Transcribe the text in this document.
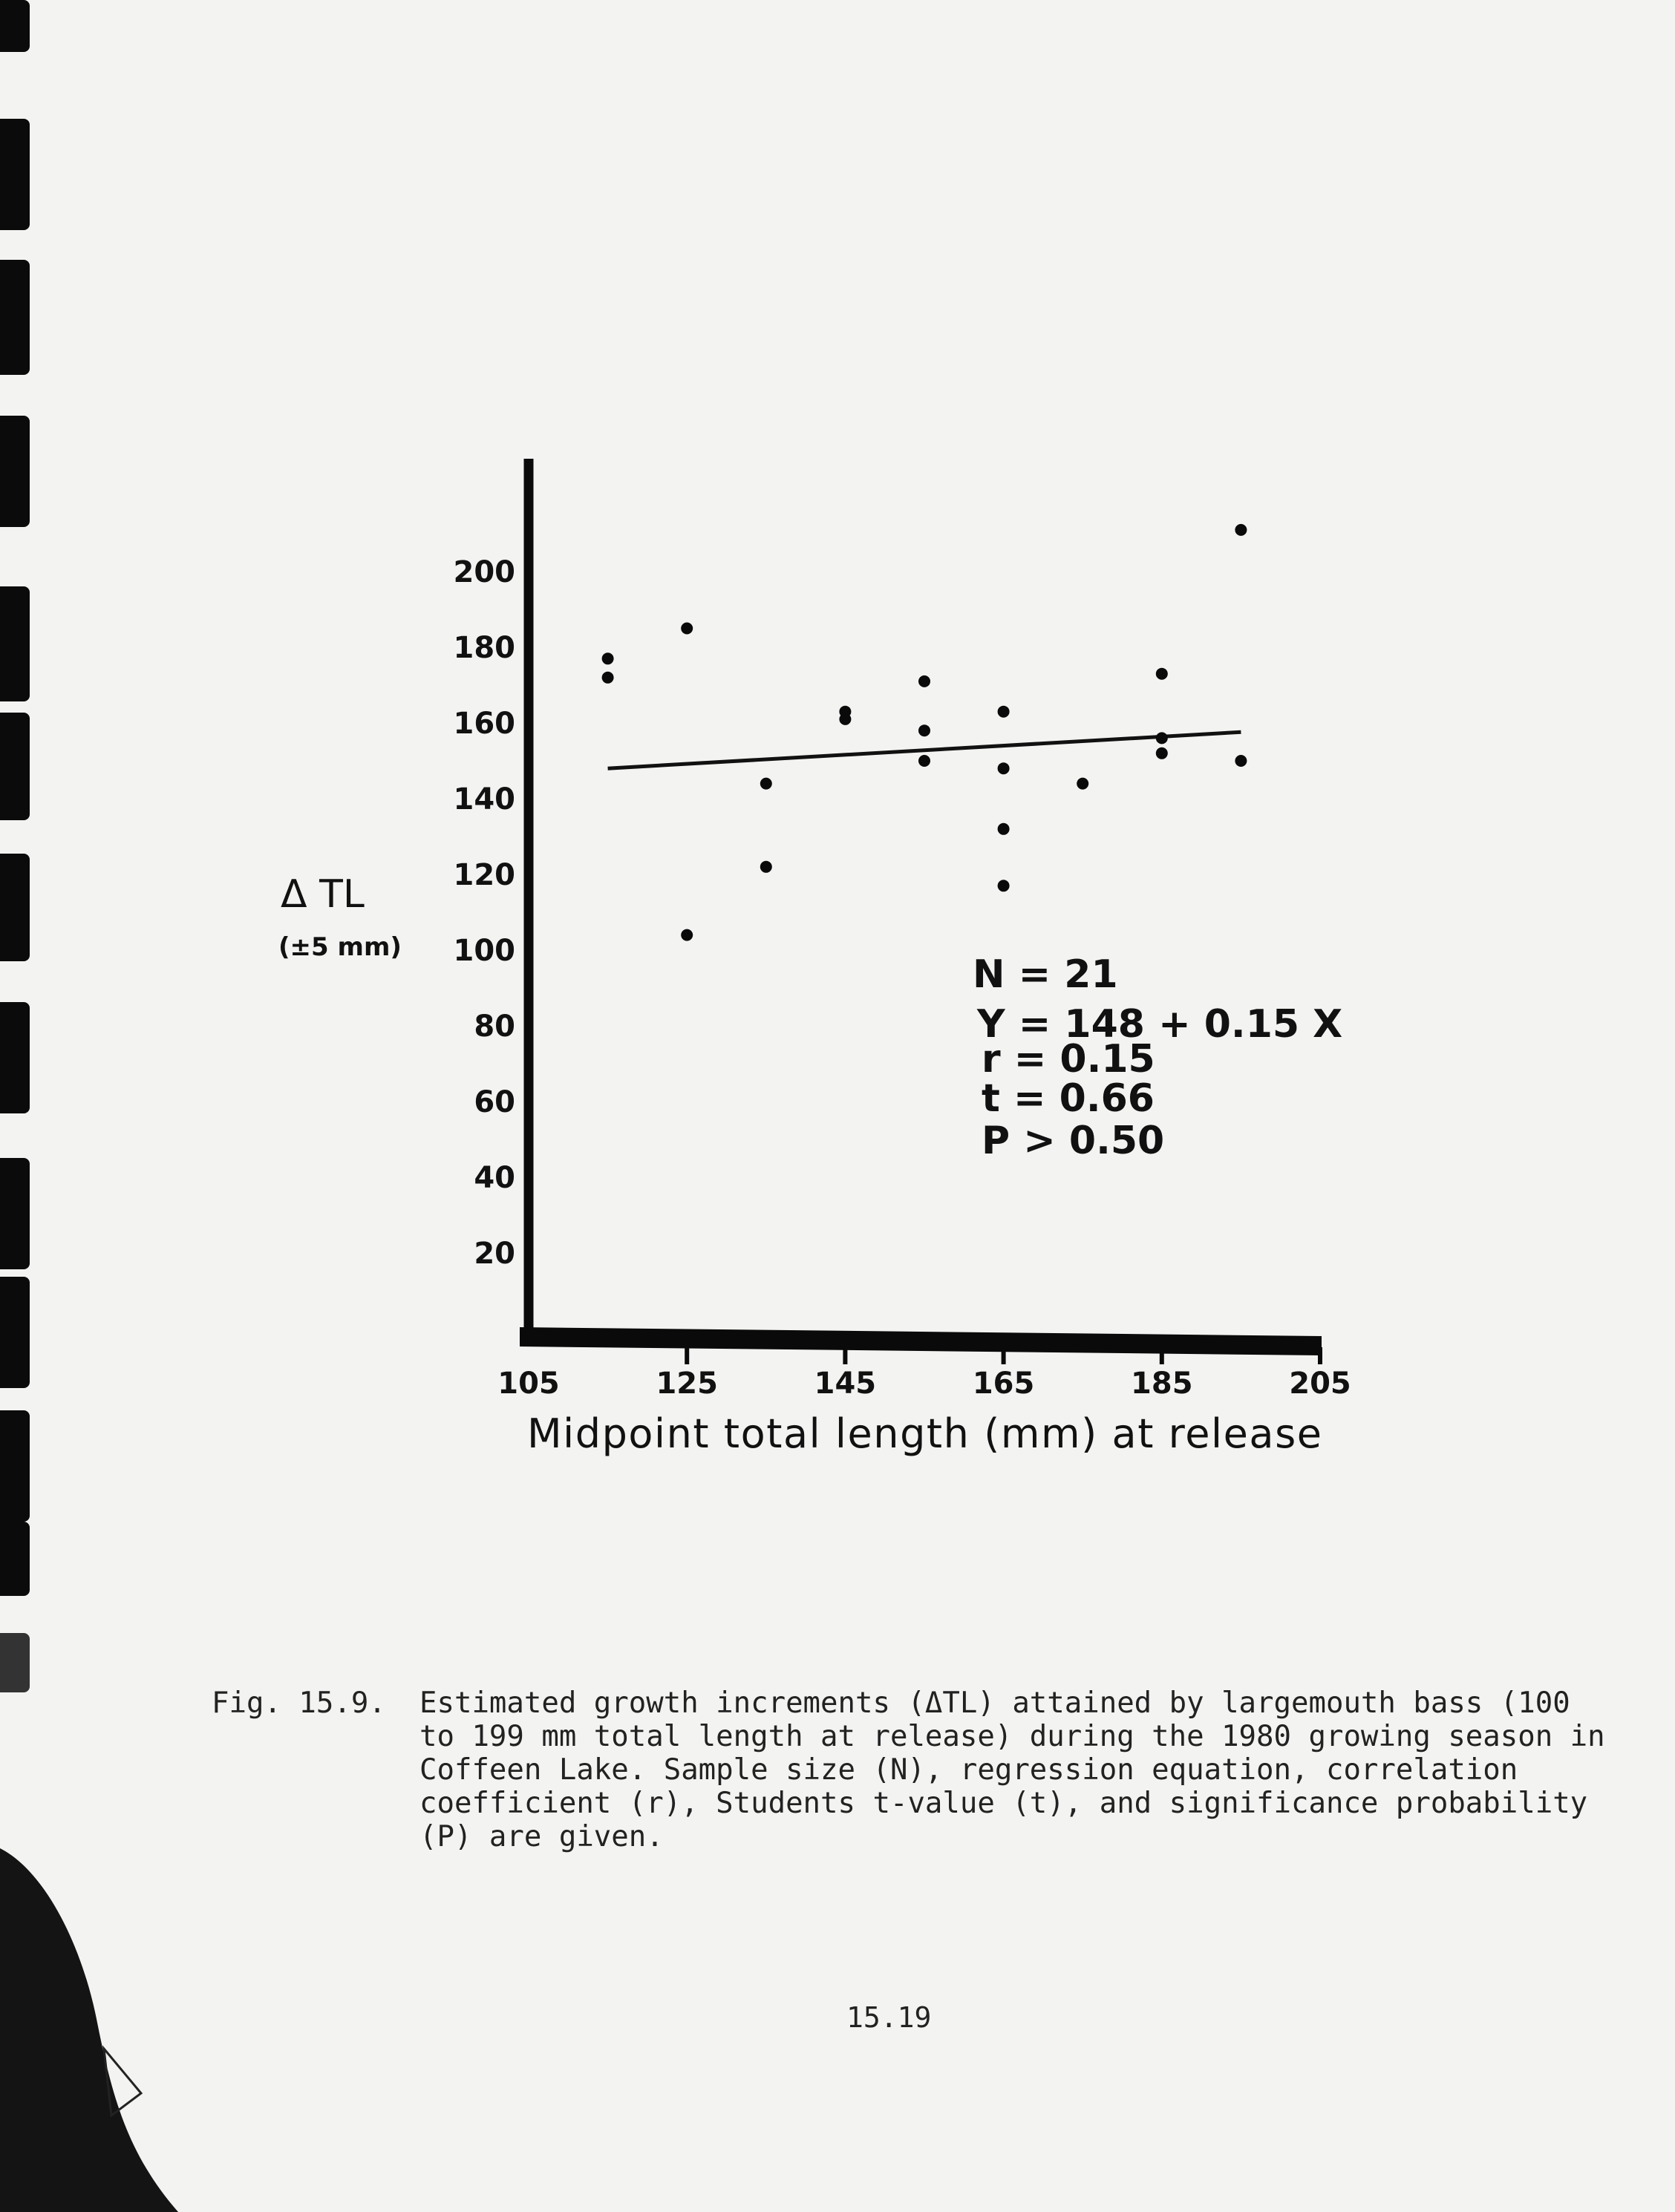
105	125	145	165	185	205
20
40
60
80
100
120
140
160
180
200
Midpoint total length (mm) at release
Δ TL
(±5 mm)
N = 21
Y = 148 + 0.15 X
r = 0.15
t = 0.66
P > 0.50
Fig. 15.9. Estimated growth increments (ΔTL) attained by largemouth bass (100
to 199 mm total length at release) during the 1980 growing season in
Coffeen Lake. Sample size (N), regression equation, correlation
coefficient (r), Students t-value (t), and significance probability
(P) are given.
15.19
